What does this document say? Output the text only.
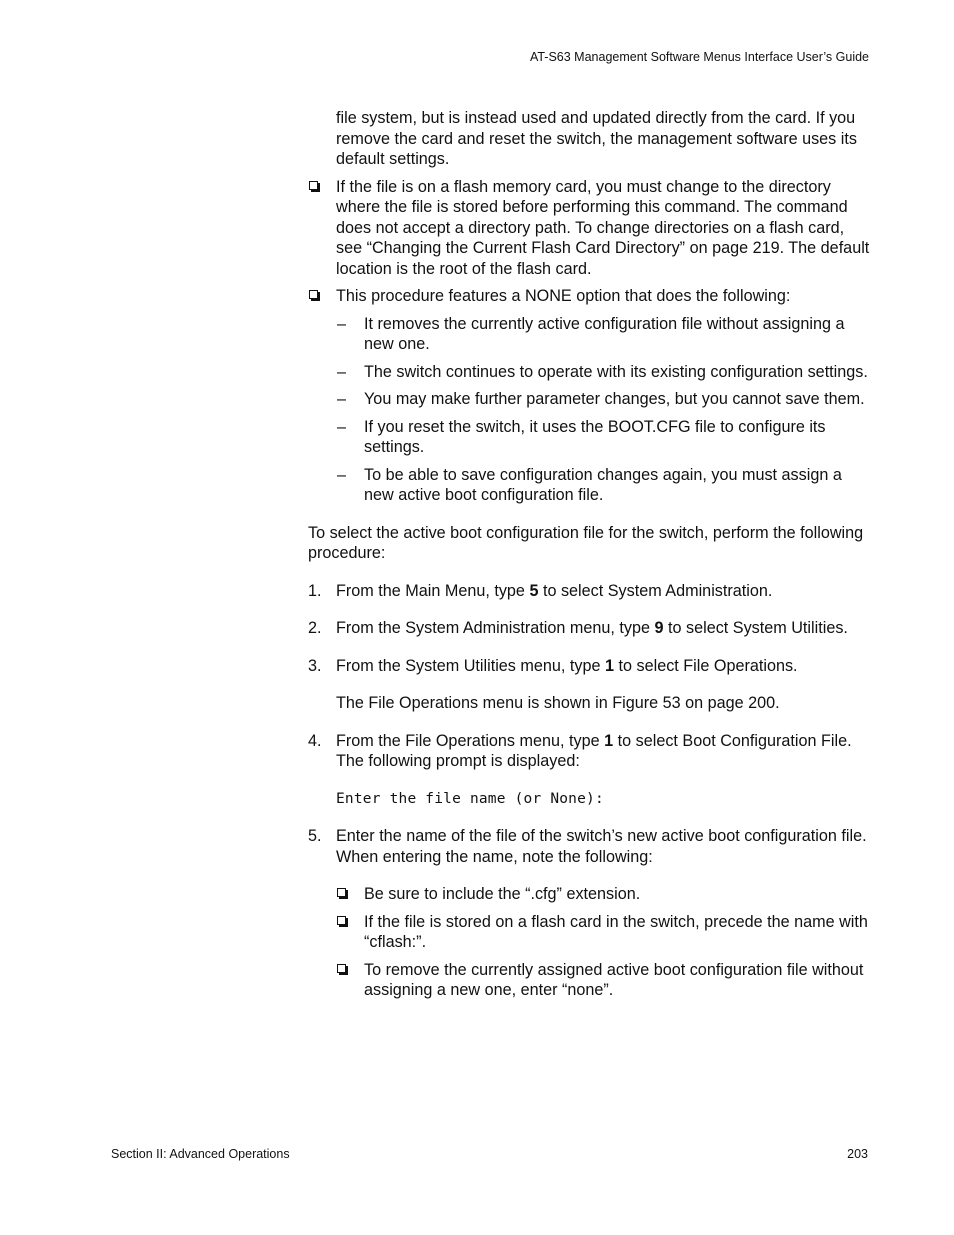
AT-S63 Management Software Menus Interface User’s Guide

file system, but is instead used and updated directly from the card. If you remove the card and reset the switch, the management software uses its default settings.

If the file is on a flash memory card, you must change to the directory where the file is stored before performing this command. The command does not accept a directory path. To change directories on a flash card, see “Changing the Current Flash Card Directory” on page 219. The default location is the root of the flash card.
This procedure features a NONE option that does the following:
– It removes the currently active configuration file without assigning a new one.
– The switch continues to operate with its existing configuration settings.
– You may make further parameter changes, but you cannot save them.
– If you reset the switch, it uses the BOOT.CFG file to configure its settings.
– To be able to save configuration changes again, you must assign a new active boot configuration file.

To select the active boot configuration file for the switch, perform the following procedure:

1. From the Main Menu, type 5 to select System Administration.
2. From the System Administration menu, type 9 to select System Utilities.
3. From the System Utilities menu, type 1 to select File Operations.

The File Operations menu is shown in Figure 53 on page 200.

4. From the File Operations menu, type 1 to select Boot Configuration File. The following prompt is displayed:

Enter the file name (or None):

5. Enter the name of the file of the switch’s new active boot configuration file. When entering the name, note the following:
Be sure to include the “.cfg” extension.
If the file is stored on a flash card in the switch, precede the name with “cflash:”.
To remove the currently assigned active boot configuration file without assigning a new one, enter “none”.
Section II: Advanced Operations	203
